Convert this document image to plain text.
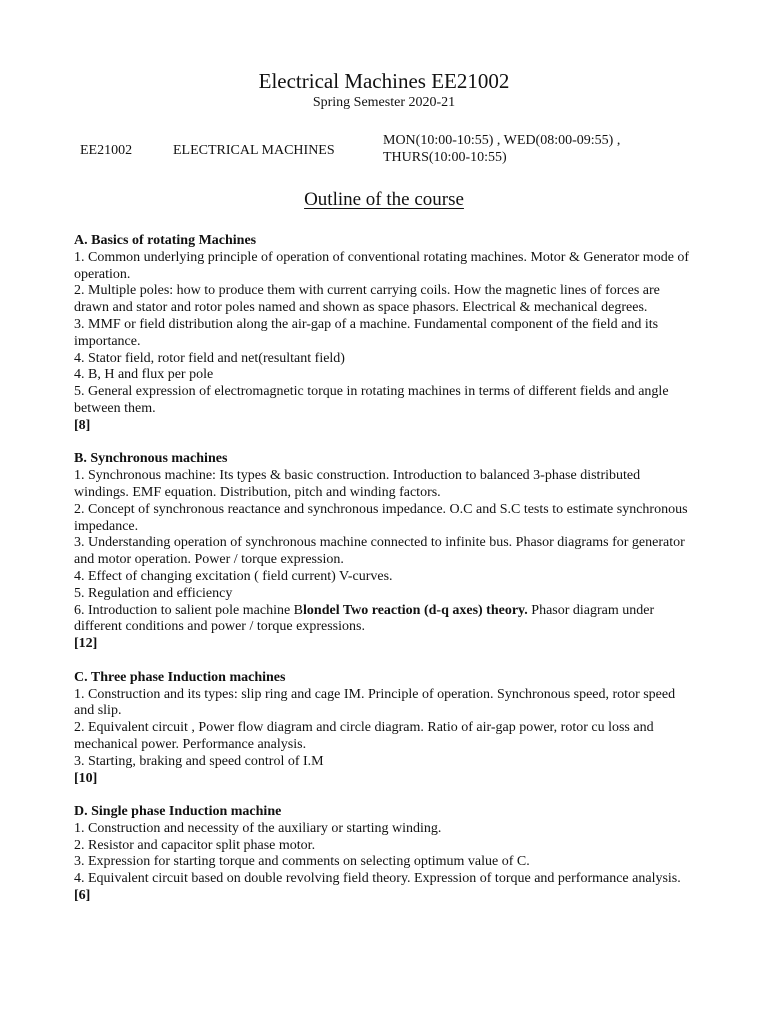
Electrical Machines EE21002
Spring Semester 2020-21
EE21002	ELECTRICAL MACHINES
MON(10:00-10:55) , WED(08:00-09:55) ,
THURS(10:00-10:55)
Outline of the course
A. Basics of rotating Machines

1. Common underlying principle of operation of conventional rotating machines. Motor & Generator mode of operation.

2. Multiple poles: how to produce them with current carrying coils. How the magnetic lines of forces are drawn and stator and rotor poles named and shown as space phasors. Electrical & mechanical degrees.

3. MMF or field distribution along the air-gap of a machine. Fundamental component of the field and its importance.

4. Stator field, rotor field and net(resultant field)

4. B, H and flux per pole

5. General expression of electromagnetic torque in rotating machines in terms of different fields and angle between them.

[8]
B. Synchronous machines

1. Synchronous machine: Its types & basic construction. Introduction to balanced 3-phase distributed windings. EMF equation. Distribution, pitch and winding factors.

2. Concept of synchronous reactance and synchronous impedance. O.C and S.C tests to estimate synchronous impedance.

3. Understanding operation of synchronous machine connected to infinite bus. Phasor diagrams for generator and motor operation. Power / torque expression.

4. Effect of changing excitation ( field current) V-curves.

5. Regulation and efficiency

6. Introduction to salient pole machine Blondel Two reaction (d-q axes) theory. Phasor diagram under different conditions and power / torque expressions.

[12]
C. Three phase Induction machines

1. Construction and its types: slip ring and cage IM. Principle of operation. Synchronous speed, rotor speed and slip.

2. Equivalent circuit , Power flow diagram and circle diagram. Ratio of air-gap power, rotor cu loss and mechanical power. Performance analysis.

3. Starting, braking and speed control of I.M

[10]
D. Single phase Induction machine

1. Construction and necessity of the auxiliary or starting winding.

2. Resistor and capacitor split phase motor.

3. Expression for starting torque and comments on selecting optimum value of C.

4. Equivalent circuit based on double revolving field theory. Expression of torque and performance analysis.

[6]
